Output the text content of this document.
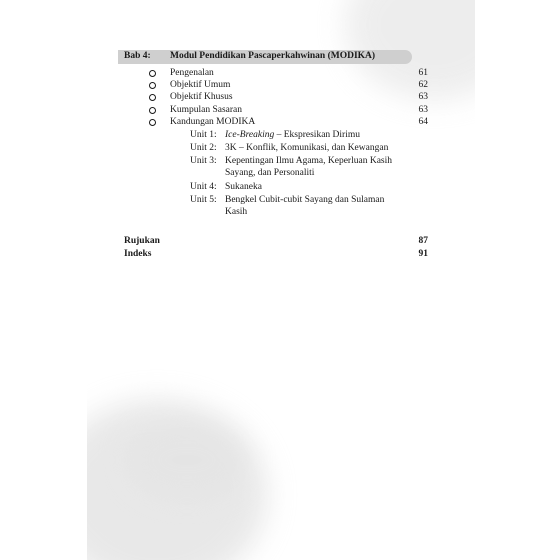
Bab 4: Modul Pendidikan Pascaperkahwinan (MODIKA)
Pengenalan	61
Objektif Umum	62
Objektif Khusus	63
Kumpulan Sasaran	63
Kandungan MODIKA	64
Unit 1: Ice-Breaking – Ekspresikan Dirimu
Unit 2: 3K – Konflik, Komunikasi, dan Kewangan
Unit 3: Kepentingan Ilmu Agama, Keperluan Kasih
Sayang, dan Personaliti
Unit 4: Sukaneka
Unit 5: Bengkel Cubit-cubit Sayang dan Sulaman
Kasih
Rujukan	87
Indeks	91
